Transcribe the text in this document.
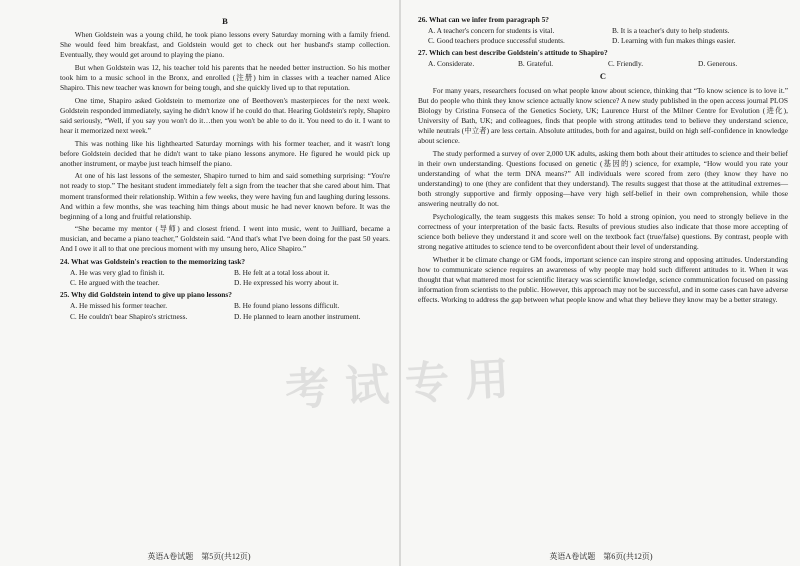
B

When Goldstein was a young child, he took piano lessons every Saturday morning with a family friend. She would feed him breakfast, and Goldstein would get to check out her husband's stamp collection. Eventually, they would get around to playing the piano.

But when Goldstein was 12, his teacher told his parents that he needed better instruction. So his mother took him to a music school in the Bronx, and enrolled (注册) him in classes with a teacher named Alice Shapiro. This new teacher was known for being tough, and she quickly lived up to that reputation.

One time, Shapiro asked Goldstein to memorize one of Beethoven's masterpieces for the next week. Goldstein responded immediately, saying he didn't know if he could do that. Hearing Goldstein's reply, Shapiro said seriously, “Well, if you say you won't do it…then you won't be able to do it. You need to do it. I want to hear it memorized next week.”

This was nothing like his lighthearted Saturday mornings with his former teacher, and it wasn't long before Goldstein decided that he didn't want to take piano lessons anymore. He figured he would pick up another instrument, or maybe just teach himself the piano.

At one of his last lessons of the semester, Shapiro turned to him and said something surprising: “You're not ready to stop.” The hesitant student immediately felt a sign from the teacher that she cared about him. That moment transformed their relationship. Within a few weeks, they were having fun and laughing during lessons. And within a few months, she was teaching him things about music he had never known before. It was the beginning of a long and fruitful relationship.

“She became my mentor (导师) and closest friend. I went into music, went to Juilliard, became a musician, and became a piano teacher,” Goldstein said. “And that's what I've been doing for the past 50 years. And I owe it all to that one precious moment with my unsung hero, Alice Shapiro.”

24. What was Goldstein's reaction to the memorizing task?
A. He was very glad to finish it.	B. He felt at a total loss about it.
C. He argued with the teacher.	D. He expressed his worry about it.
25. Why did Goldstein intend to give up piano lessons?
A. He missed his former teacher.	B. He found piano lessons difficult.
C. He couldn't bear Shapiro's strictness.	D. He planned to learn another instrument.
英语A卷试题　第5页(共12页)
26. What can we infer from paragraph 5?
A. A teacher's concern for students is vital.	B. It is a teacher's duty to help students.
C. Good teachers produce successful students.	D. Learning with fun makes things easier.
27. Which can best describe Goldstein's attitude to Shapiro?
A. Considerate.	B. Grateful.	C. Friendly.	D. Generous.
C

For many years, researchers focused on what people know about science, thinking that “To know science is to love it.” But do people who think they know science actually know science? A new study published in the open access journal PLOS Biology by Cristina Fonseca of the Genetics Society, UK; Laurence Hurst of the Milner Centre for Evolution (进化), University of Bath, UK; and colleagues, finds that people with strong attitudes tend to believe they understand science, while neutrals (中立者) are less certain. Absolute attitudes, both for and against, build on high self-confidence in knowledge about science.

The study performed a survey of over 2,000 UK adults, asking them both about their attitudes to science and their belief in their own understanding. Questions focused on genetic (基因的) science, for example, “How would you rate your understanding of what the term DNA means?” All individuals were scored from zero (they know they have no understanding) to one (they are confident that they understand). The results suggest that those at the attitudinal extremes—both strongly supportive and firmly opposing—have very high self-belief in their own comprehension, while those answering neutrally do not.

Psychologically, the team suggests this makes sense: To hold a strong opinion, you need to strongly believe in the correctness of your interpretation of the basic facts. Results of previous studies also indicate that those more accepting of science both believe they understand it and score well on the textbook fact (true/false) questions. By contrast, people with strong negative attitudes to science tend to be overconfident about their level of understanding.

Whether it be climate change or GM foods, important science can inspire strong and opposing attitudes. Understanding how to communicate science requires an awareness of why people may hold such different attitudes to it. When it was thought that what mattered most for scientific literacy was scientific knowledge, science communication focused on passing information from scientists to the public. However, this approach may not be successful, and in some cases can have adverse effects. Working to address the gap between what people know and what they believe they know may be a better strategy.

英语A卷试题　第6页(共12页)
考试专用
